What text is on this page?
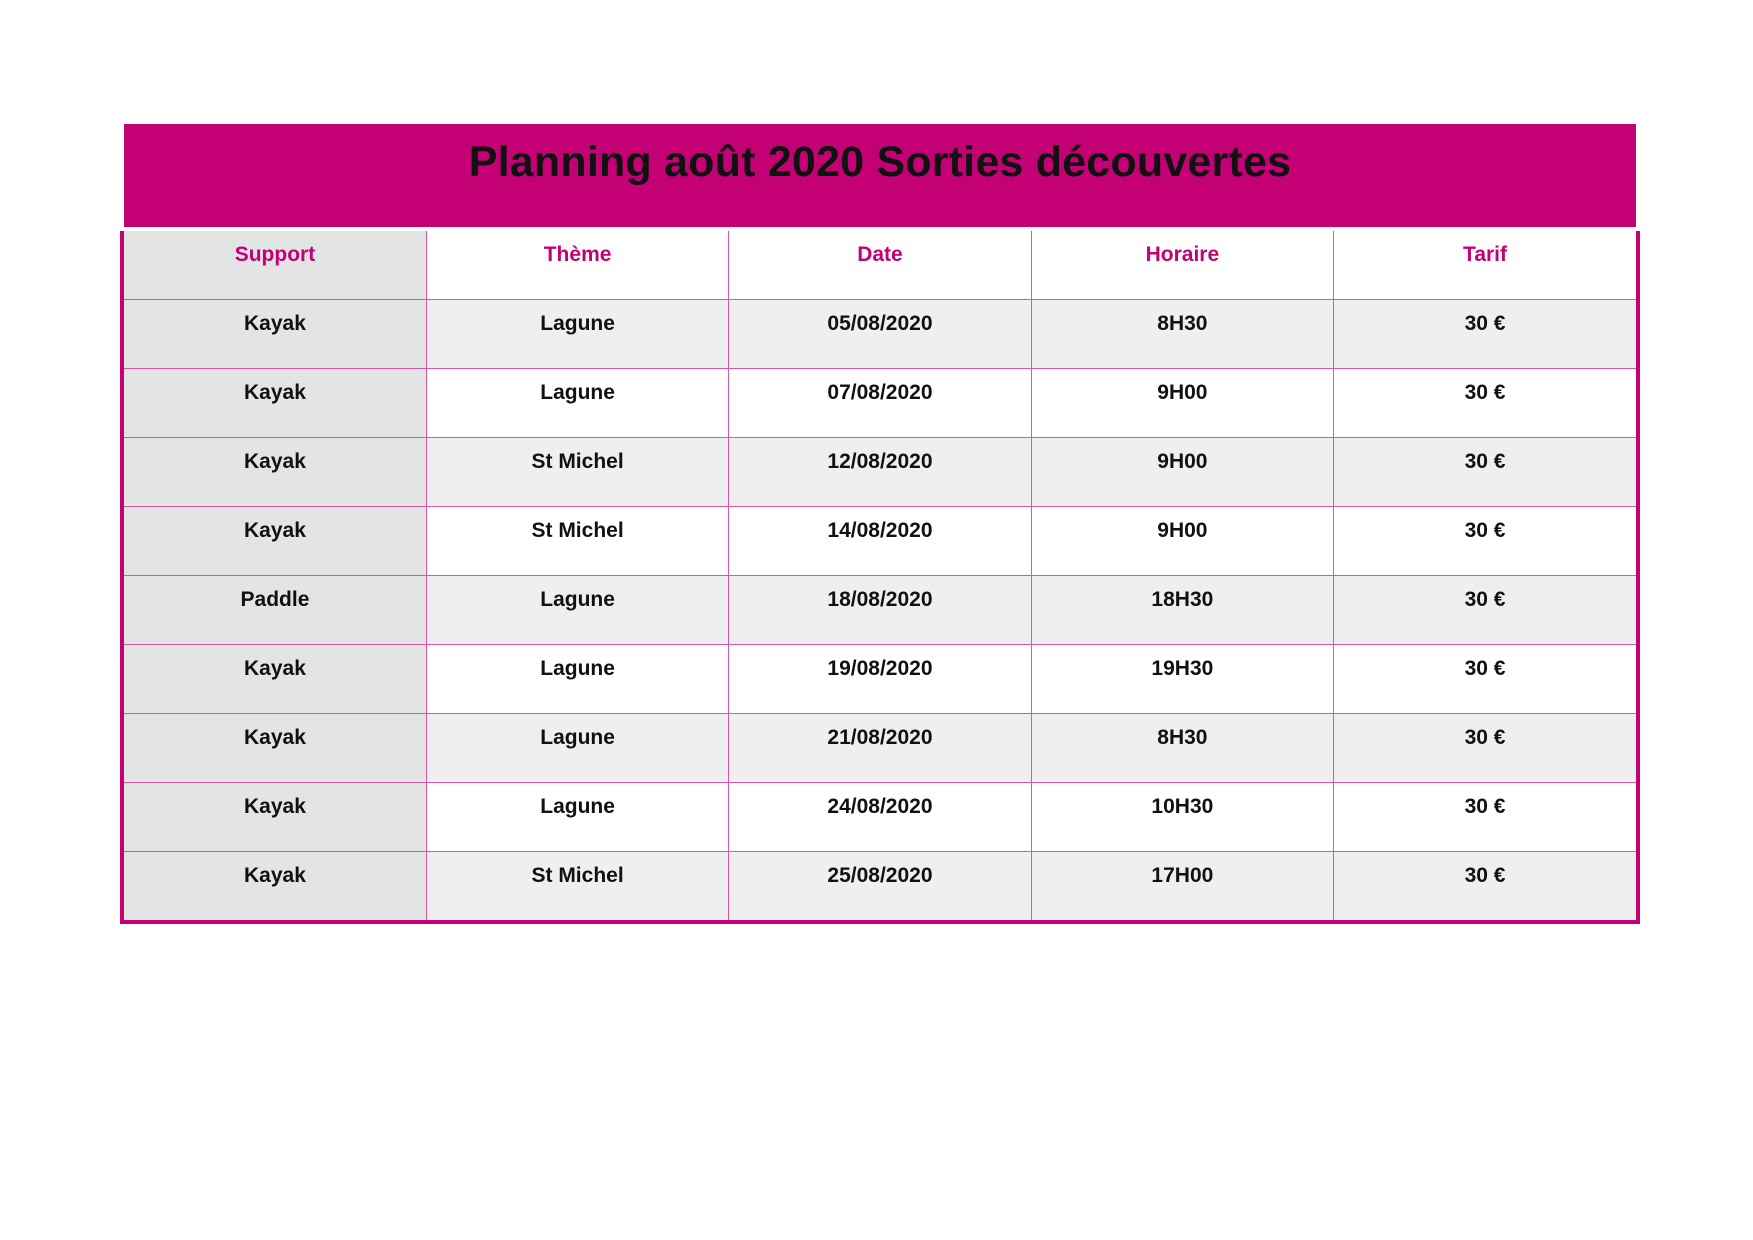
Planning août 2020 Sorties découvertes
Support	Thème	Date	Horaire	Tarif
Kayak	Lagune	05/08/2020	8H30	30 €
Kayak	Lagune	07/08/2020	9H00	30 €
Kayak	St Michel	12/08/2020	9H00	30 €
Kayak	St Michel	14/08/2020	9H00	30 €
Paddle	Lagune	18/08/2020	18H30	30 €
Kayak	Lagune	19/08/2020	19H30	30 €
Kayak	Lagune	21/08/2020	8H30	30 €
Kayak	Lagune	24/08/2020	10H30	30 €
Kayak	St Michel	25/08/2020	17H00	30 €
